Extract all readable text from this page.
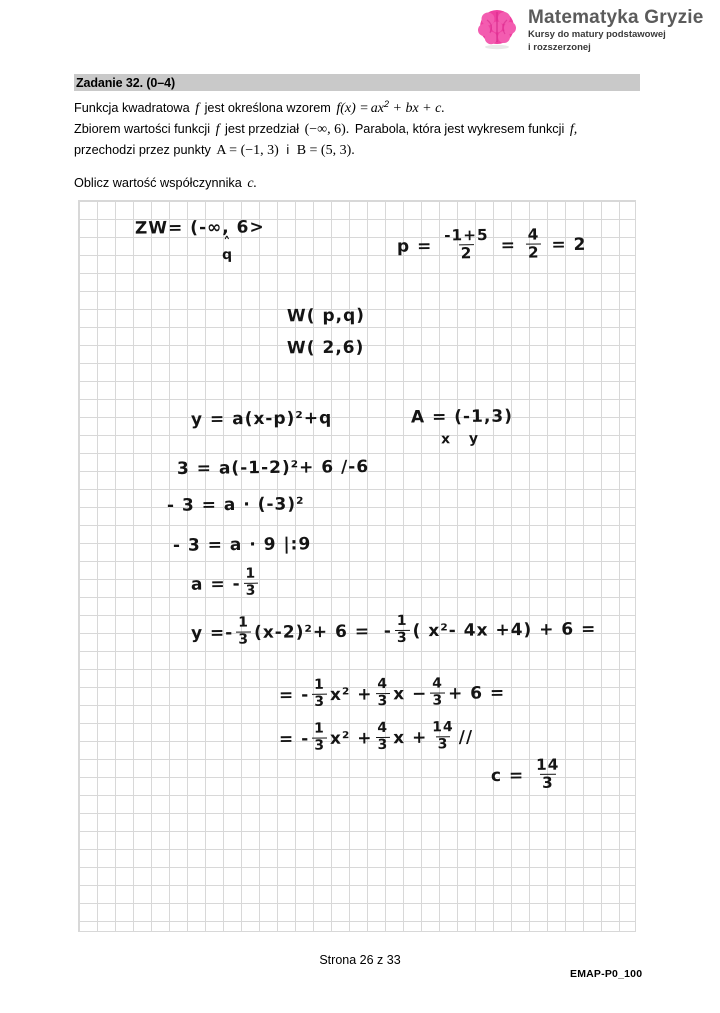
Matematyka Gryzie
Kursy do matury podstawowej
i rozszerzonej
Zadanie 32. (0–4)
Funkcja kwadratowa f jest określona wzorem $f(x) = ax^2$ + bx + c.
Zbiorem wartości funkcji f jest przedział (−∞, 6). Parabola, która jest wykresem funkcji f,
przechodzi przez punkty A = (−1, 3) i B = (5, 3).
Oblicz wartość współczynnika c.
ZW= (-∞, 6>
˄
q	$p = \frac{-1+5}{2} = \frac{4}{2} = 2$
W( p,q)
W( 2,6)
y = a(x-p)²+q	A = (-1,3)
x y
3 = a(-1-2)²+ 6 /-6
- 3 = a · (-3)²
- 3 = a · 9 |:9
a = - $\frac{1}{3}$
$y =- \frac{1}{3} (x-2)^2+ 6$ =  - $\frac{1}{3}$ ( x²- 4x +4) + 6 =
= - $\frac{1}{3} x^2 + \frac{4}{3}$ $x - \frac{4}{3} + 6$ =
= - $\frac{1}{3} x^2 + \frac{4}{3}$ $x + \frac{14}{3}$ //
$c = \frac{14}{3}$
Strona 26 z 33
EMAP-P0_100
